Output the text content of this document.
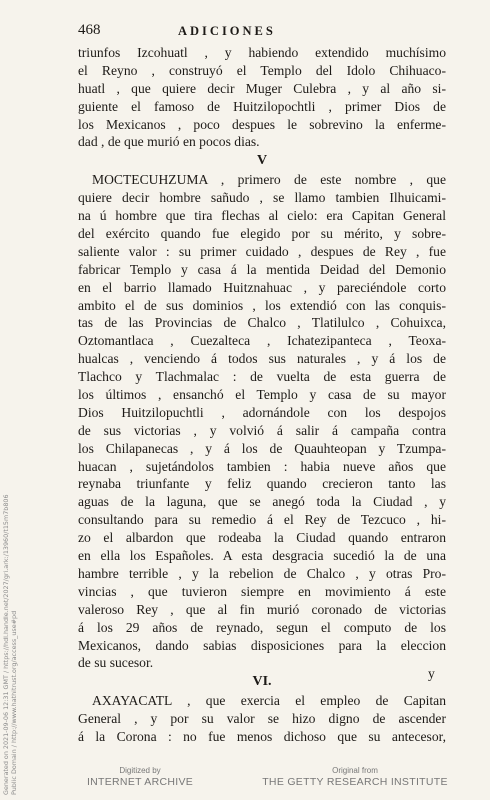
468	ADICIONES
triunfos Izcohuatl , y habiendo extendido muchísimo
el Reyno , construyó el Templo del Idolo Chihuaco-
huatl , que quiere decir Muger Culebra , y al año si-
guiente el famoso de Huitzilopochtli , primer Dios de
los Mexicanos , poco despues le sobrevino la enferme-
dad , de que murió en pocos dias.
V
MOCTECUHZUMA , primero de este nombre , que
quiere decir hombre sañudo , se llamo tambien Ilhuicami-
na ú hombre que tira flechas al cielo: era Capitan General
del exército quando fue elegido por su mérito, y sobre-
saliente valor : su primer cuidado , despues de Rey , fue
fabricar Templo y casa á la mentida Deidad del Demonio
en el barrio llamado Huitznahuac , y pareciéndole corto
ambito el de sus dominios , los extendió con las conquis-
tas de las Provincias de Chalco , Tlatilulco , Cohuixca,
Oztomantlaca , Cuezalteca , Ichatezipanteca , Teoxa-
hualcas , venciendo á todos sus naturales , y á los de
Tlachco y Tlachmalac : de vuelta de esta guerra de
los últimos , ensanchó el Templo y casa de su mayor
Dios Huitzilopuchtli , adornándole con los despojos
de sus victorias , y volvió á salir á campaña contra
los Chilapanecas , y á los de Quauhteopan y Tzumpa-
huacan , sujetándolos tambien : habia nueve años que
reynaba triunfante y feliz quando crecieron tanto las
aguas de la laguna, que se anegó toda la Ciudad , y
consultando para su remedio á el Rey de Tezcuco , hi-
zo el albardon que rodeaba la Ciudad quando entraron
en ella los Españoles. A esta desgracia sucedió la de una
hambre terrible , y la rebelion de Chalco , y otras Pro-
vincias , que tuvieron siempre en movimiento á este
valeroso Rey , que al fin murió coronado de victorias
á los 29 años de reynado, segun el computo de los
Mexicanos, dando sabias disposiciones para la eleccion
de su sucesor.
VI.
AXAYACATL , que exercia el empleo de Capitan
General , y por su valor se hizo digno de ascender
á la Corona : no fue menos dichoso que su antecesor,
y
Generated on 2021-09-06 12:31 GMT / https://hdl.handle.net/2027/gri.ark:/13960/t15m7b806 Public Domain / http://www.hathitrust.org/access_use#pd	Digitized by
INTERNET ARCHIVE
Original from
THE GETTY RESEARCH INSTITUTE
